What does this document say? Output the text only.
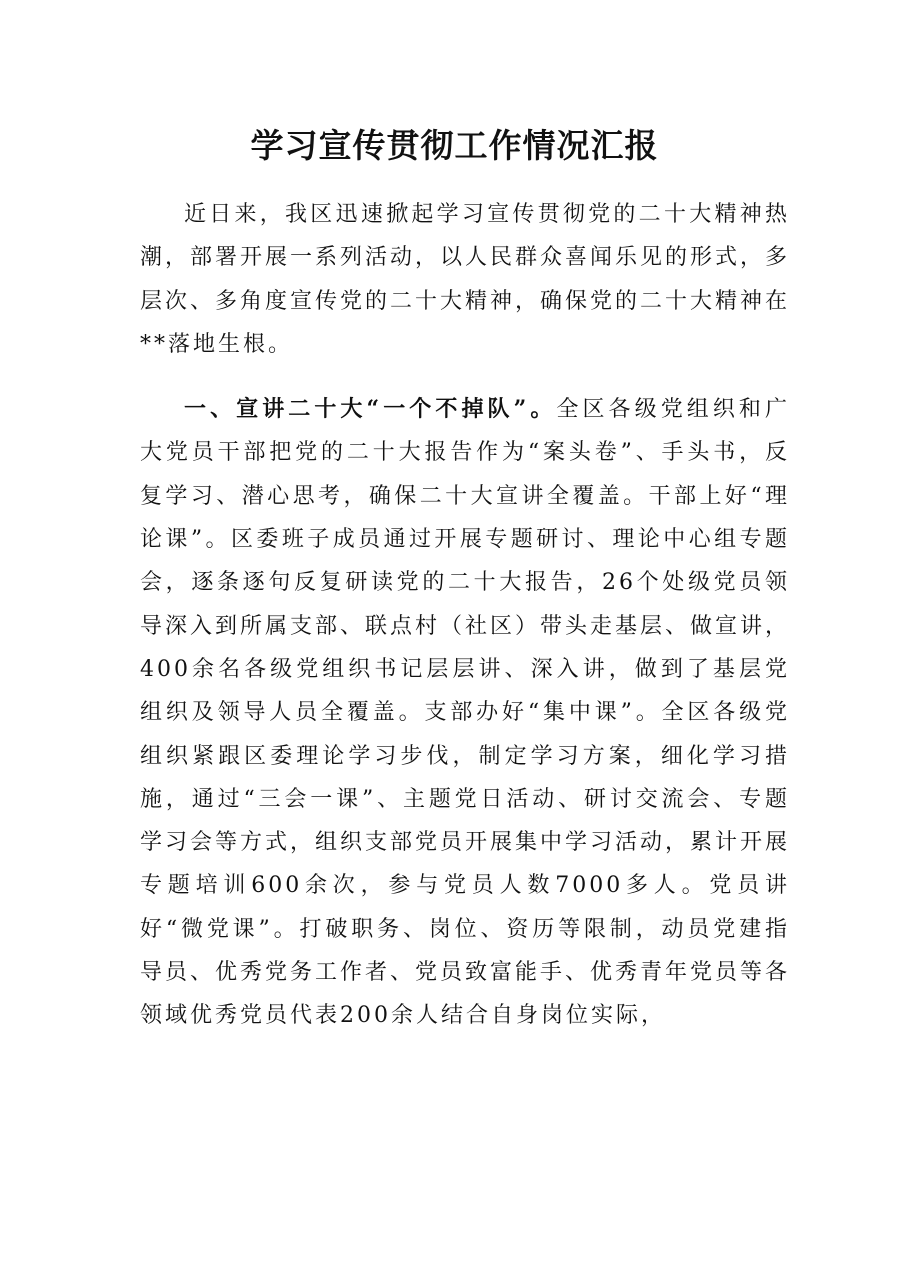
学习宣传贯彻工作情况汇报

近日来，我区迅速掀起学习宣传贯彻党的二十大精神热潮，部署开展一系列活动，以人民群众喜闻乐见的形式，多层次、多角度宣传党的二十大精神，确保党的二十大精神在**落地生根。

一、宣讲二十大“一个不掉队”。全区各级党组织和广大党员干部把党的二十大报告作为“案头卷”、手头书，反复学习、潜心思考，确保二十大宣讲全覆盖。干部上好“理论课”。区委班子成员通过开展专题研讨、理论中心组专题会，逐条逐句反复研读党的二十大报告，26个处级党员领导深入到所属支部、联点村（社区）带头走基层、做宣讲，400余名各级党组织书记层层讲、深入讲，做到了基层党组织及领导人员全覆盖。支部办好“集中课”。全区各级党组织紧跟区委理论学习步伐，制定学习方案，细化学习措施，通过“三会一课”、主题党日活动、研讨交流会、专题学习会等方式，组织支部党员开展集中学习活动，累计开展专题培训600余次，参与党员人数7000多人。党员讲好“微党课”。打破职务、岗位、资历等限制，动员党建指导员、优秀党务工作者、党员致富能手、优秀青年党员等各领域优秀党员代表200余人结合自身岗位实际，
